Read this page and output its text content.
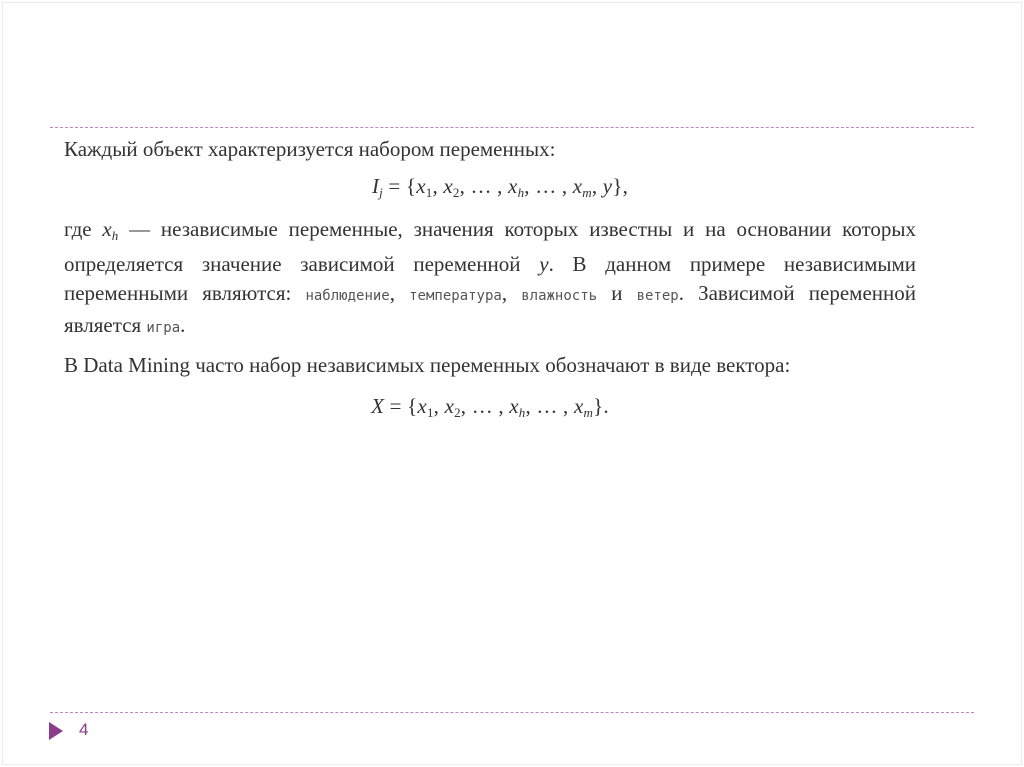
Каждый объект характеризуется набором переменных:

$I_j = \{x1$, x2, … , $x_h$, … , $x_m$, y},

где $x_h$ — независимые переменные, значения которых известны и на основании которых определяется значение зависимой переменной y. В данном примере независимыми переменными являются: наблюдение, температура, влажность и ветер. Зависимой переменной является игра.

В Data Mining часто набор независимых переменных обозначают в виде вектора:

X = {x1, x2, … , $x_h$, … , $x_m$}.
4
